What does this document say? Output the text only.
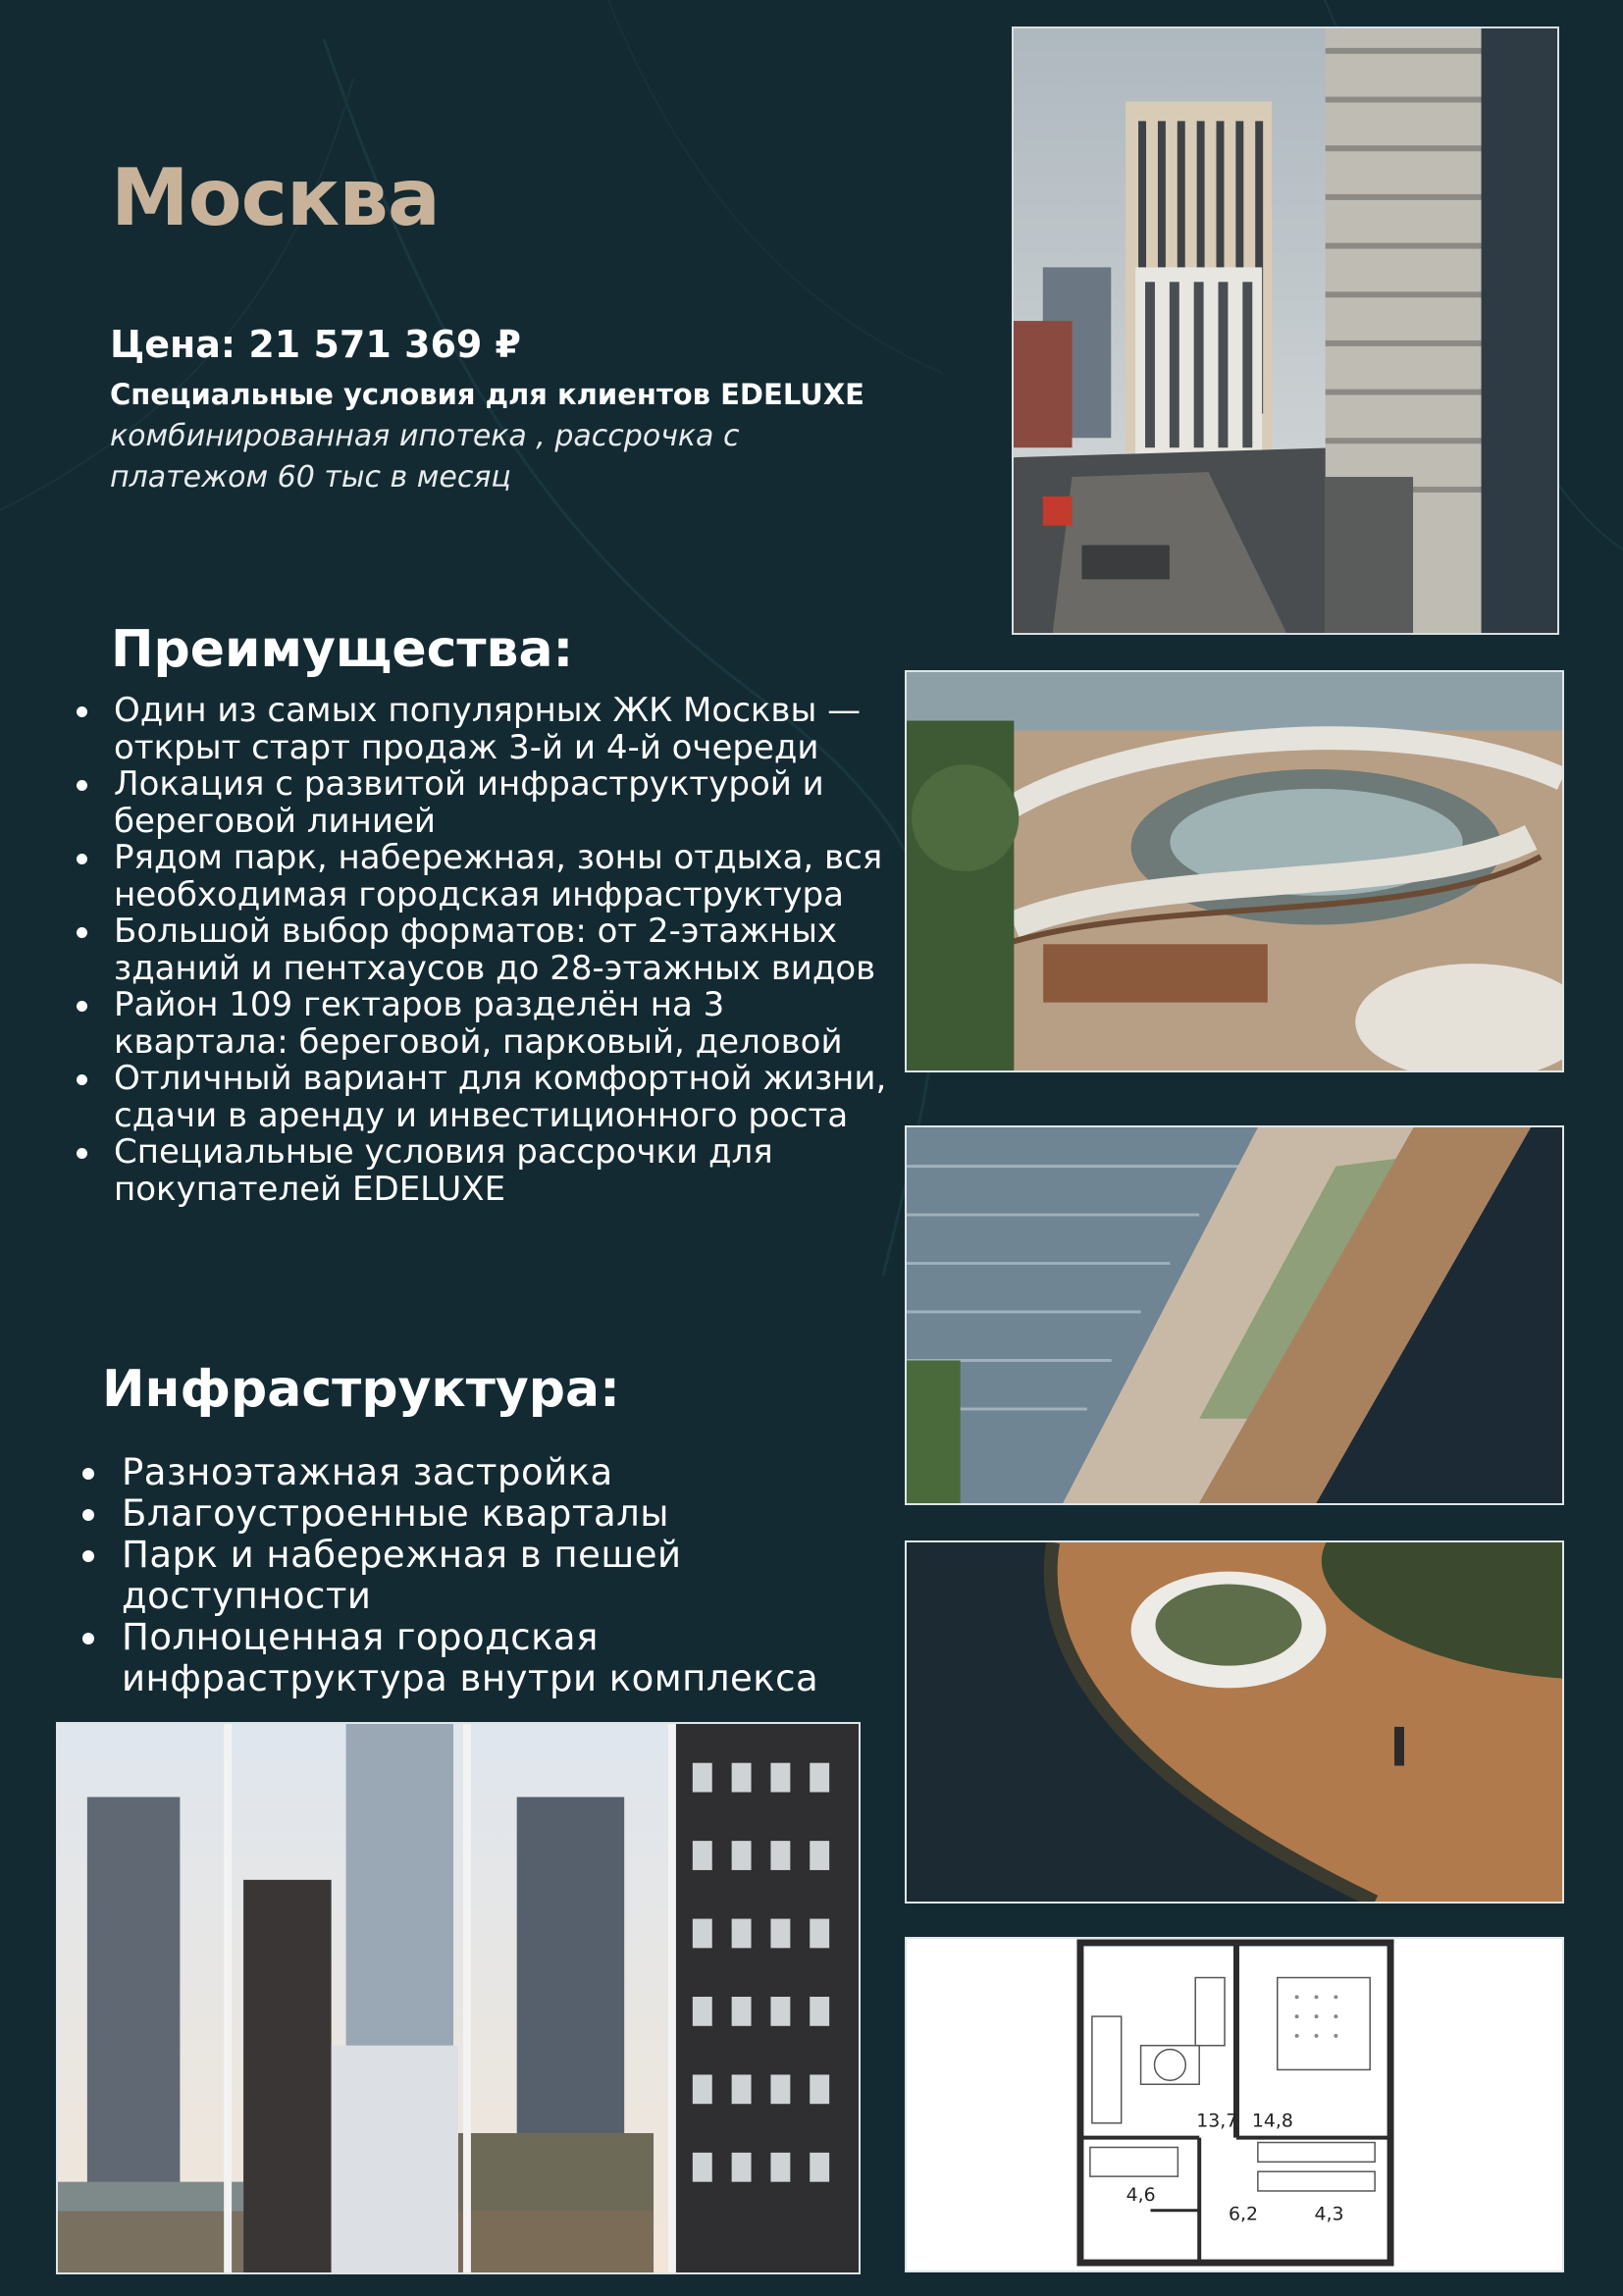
Москва

Цена: 21 571 369 ₽

Специальные условия для клиентов EDELUXE

комбинированная ипотека , рассрочка с платежом 60 тыс в месяц

Преимущества:
Один из самых популярных ЖК Москвы — открыт старт продаж 3-й и 4-й очереди
Локация с развитой инфраструктурой и береговой линией
Рядом парк, набережная, зоны отдыха, вся необходимая городская инфраструктура
Большой выбор форматов: от 2-этажных зданий и пентхаусов до 28-этажных видов
Район 109 гектаров разделён на 3 квартала: береговой, парковый, деловой
Отличный вариант для комфортной жизни, сдачи в аренду и инвестиционного роста
Специальные условия рассрочки для покупателей EDELUXE
Инфраструктура:
Разноэтажная застройка
Благоустроенные кварталы
Парк и набережная в пешей доступности
Полноценная городская инфраструктура внутри комплекса
13,7 14,8
4,6
6,2	4,3
